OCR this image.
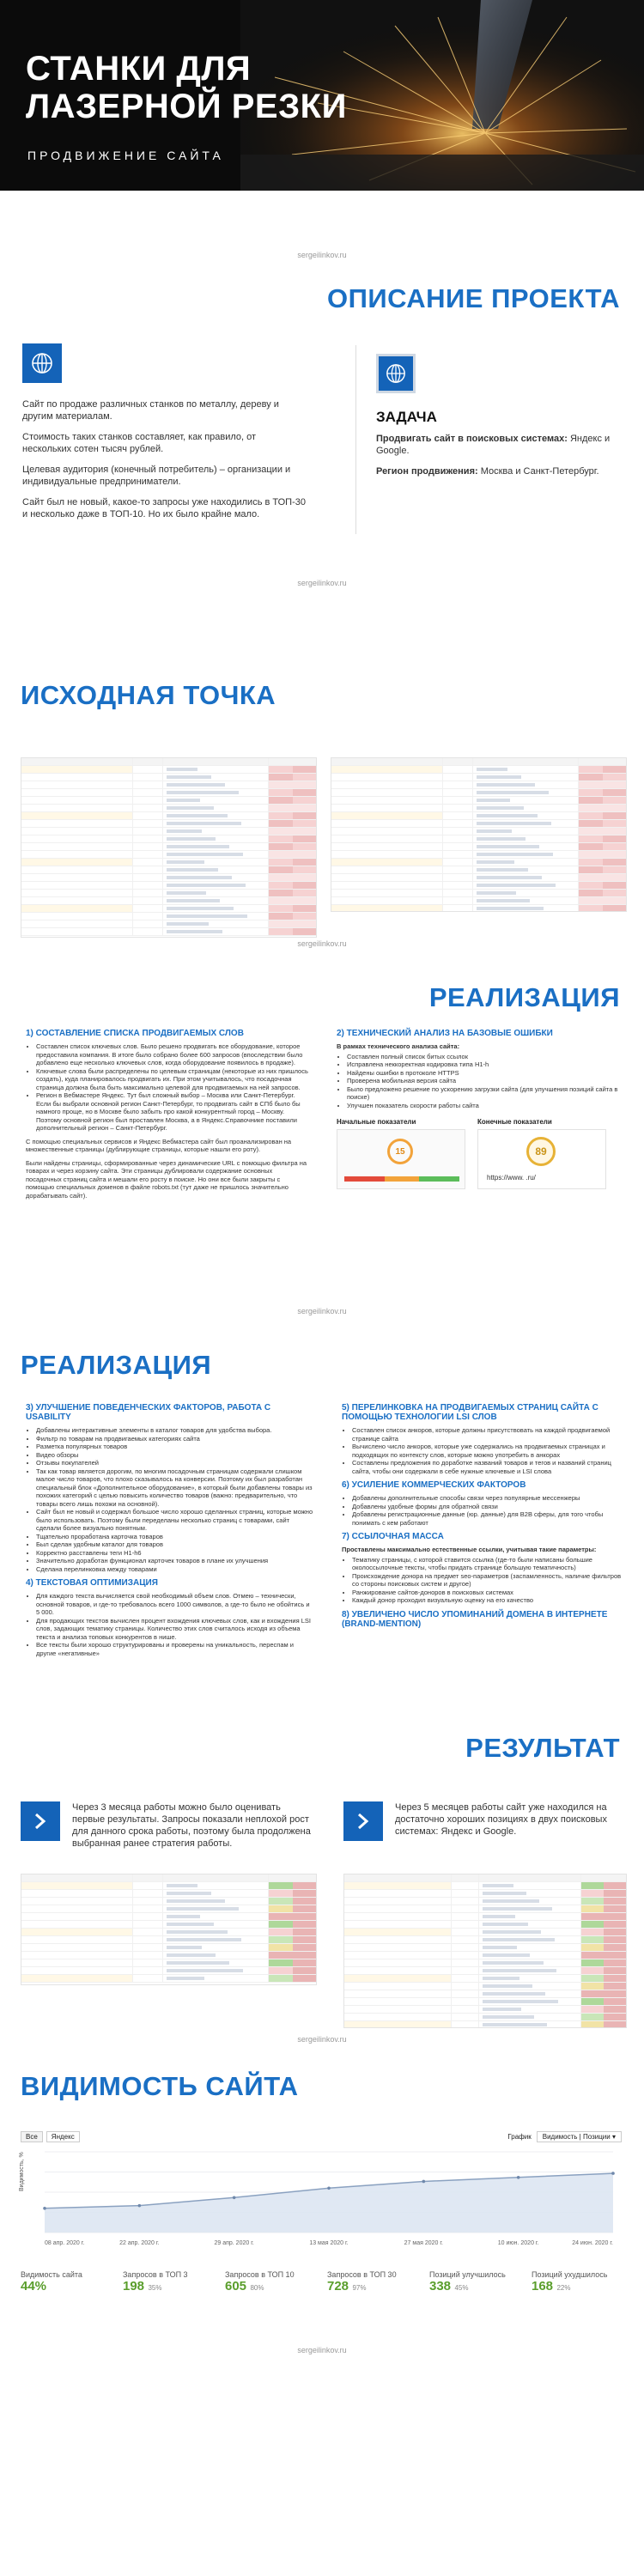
СТАНКИ ДЛЯ
ЛАЗЕРНОЙ РЕЗКИ
ПРОДВИЖЕНИЕ САЙТА
sergeilinkov.ru
ОПИСАНИЕ ПРОЕКТА

Сайт по продаже различных станков по металлу, дереву и другим материалам.

Стоимость таких станков составляет, как правило, от нескольких сотен тысяч рублей.

Целевая аудитория (конечный потребитель) – организации и индивидуальные предприниматели.

Сайт был не новый, какое-то запросы уже находились в ТОП-30 и несколько даже в ТОП-10. Но их было крайне мало.

ЗАДАЧА

Продвигать сайт в поисковых системах: Яндекс и Google.

Регион продвижения: Москва и Санкт-Петербург.

sergeilinkov.ru
ИСХОДНАЯ ТОЧКА
sergeilinkov.ru
РЕАЛИЗАЦИЯ
1) СОСТАВЛЕНИЕ СПИСКА ПРОДВИГАЕМЫХ СЛОВ
• Составлен список ключевых слов. Было решено продвигать все оборудование, которое предоставила компания. В итоге было собрано более 600 запросов (впоследствии было добавлено еще несколько ключевых слов, когда оборудование появилось в продаже).
• Ключевые слова были распределены по целевым страницам (некоторые из них пришлось создать), куда планировалось продвигать их. При этом учитывалось, что посадочная страница должна была быть максимально целевой для продвигаемых на ней запросов.
• Регион в Вебмастере Яндекс. Тут был сложный выбор – Москва или Санкт-Петербург. Если бы выбрали основной регион Санкт-Петербург, то продвигать сайт в СПб было бы намного проще, но в Москве было забыть про какой конкурентный город – Москву. Поэтому основной регион был проставлен Москва, а в Яндекс.Справочнике поставили дополнительный регион – Санкт-Петербург.

С помощью специальных сервисов и Яндекс Вебмастера сайт был проанализирован на множественные страницы (дублирующие страницы, которые нашли его роту).

Были найдены страницы, сформированные через динамические URL с помощью фильтра на товарах и через корзину сайта. Эти страницы дублировали содержание основных посадочных страниц сайта и мешали его росту в поиске. Но они все были закрыты с помощью специальных доменов в файле robots.txt (тут даже не пришлось значительно дорабатывать сайт).

2) ТЕХНИЧЕСКИЙ АНАЛИЗ НА БАЗОВЫЕ ОШИБКИ

В рамках технического анализа сайта:

• Составлен полный список битых ссылок
• Исправлена неккоректная кодировка типа H1-h
• Найдены ошибки в протоколе HTTPS
• Проверена мобильная версия сайта
• Было предложено решение по ускорению загрузки сайта (для улучшения позиций сайта в поиске)
• Улучшен показатель скорости работы сайта
Начальные показатели
15
Конечные показатели
89
https://www. .ru/
sergeilinkov.ru
РЕАЛИЗАЦИЯ
3) УЛУЧШЕНИЕ ПОВЕДЕНЧЕСКИХ ФАКТОРОВ, РАБОТА С USABILITY
• Добавлены интерактивные элементы в каталог товаров для удобства выбора.
• Фильтр по товарам на продвигаемых категориях сайта
• Разметка популярных товаров
• Видео обзоры
• Отзывы покупателей
• Так как товар является дорогим, по многим посадочным страницам содержали слишком малое число товаров, что плохо сказывалось на конверсии. Поэтому их был разработан специальный блок «Дополнительное оборудование», в который были добавлены товары из похожих категорий с целью повысить количество товаров (важно: предварительно, что товары всего лишь похожи на основной).
• Сайт был не новый и содержал большое число хорошо сделанных страниц, которые можно было использовать. Поэтому были переделаны несколько страниц с товарами, сайт сделали более визуально понятным.
• Тщательно проработана карточка товаров
• Был сделан удобным каталог для товаров
• Корректно расставлены теги H1-h6
• Значительно доработан функционал карточек товаров в плане их улучшения
• Сделана перелинковка между товарами
4) ТЕКСТОВАЯ ОПТИМИЗАЦИЯ
• Для каждого текста вычисляется свой необходимый объем слов. Отмею – технически, основной товаров, и где-то требовалось всего 1000 символов, а где-то было не обойтись и 5 000.
• Для продающих текстов вычислен процент вхождения ключевых слов, как и вхождения LSI слов, задающих тематику страницы. Количество этих слов считалось исходя из объема текста и анализа топовых конкурентов в нише.
• Все тексты были хорошо структурированы и проверены на уникальность, переспам и другие «негативные»
5) ПЕРЕЛИНКОВКА НА ПРОДВИГАЕМЫХ СТРАНИЦ САЙТА С ПОМОЩЬЮ ТЕХНОЛОГИИ LSI СЛОВ
• Составлен список анкоров, которые должны присутствовать на каждой продвигаемой странице сайта
• Вычислено число анкоров, которые уже содержались на продвигаемых страницах и подходящих по контексту слов, которые можно употребить в анкорах
• Составлены предложения по доработке названий товаров и тегов и названий страниц сайта, чтобы они содержали в себе нужные ключевые и LSI слова
6) УСИЛЕНИЕ КОММЕРЧЕСКИХ ФАКТОРОВ
• Добавлены дополнительные способы связи через популярные мессенжеры
• Добавлены удобные формы для обратной связи
• Добавлены регистрационные данные (юр. данные) для B2B сферы, для того чтобы понимать с кем работают
7) ССЫЛОЧНАЯ МАССА

Проставлены максимально естественные ссылки, учитывая такие параметры:

• Тематику страницы, с которой ставится ссылка (где-то были написаны большие околоссылочные тексты, чтобы придать странице большую тематичность)
• Происхождение донора на предмет seo-параметров (заспамленность, наличие фильтров со стороны поисковых систем и другое)
• Ранжирование сайтов-доноров в поисковых системах
• Каждый донор проходил визуальную оценку на его качество
8) УВЕЛИЧЕНО ЧИСЛО УПОМИНАНИЙ ДОМЕНА В ИНТЕРНЕТЕ (BRAND-MENTION)
РЕЗУЛЬТАТ

Через 3 месяца работы можно было оценивать первые результаты. Запросы показали неплохой рост для данного срока работы, поэтому была продолжена выбранная ранее стратегия работы.

Через 5 месяцев работы сайт уже находился на достаточно хороших позициях в двух поисковых системах: Яндекс и Google.

sergeilinkov.ru
ВИДИМОСТЬ САЙТА
Все	Яндекс	График	Видимость | Позиции ▾
Видимость, %
08 апр. 2020 г.	22 апр. 2020 г.	29 апр. 2020 г.	13 мая 2020 г.	27 мая 2020 г.	10 июн. 2020 г.	24 июн. 2020 г.
Видимость сайта
44%
Запросов в ТОП 3
198 35%
Запросов в ТОП 10
605 80%
Запросов в ТОП 30
728 97%
Позиций улучшилось
338 45%
Позиций ухудшилось
168 22%
sergeilinkov.ru
